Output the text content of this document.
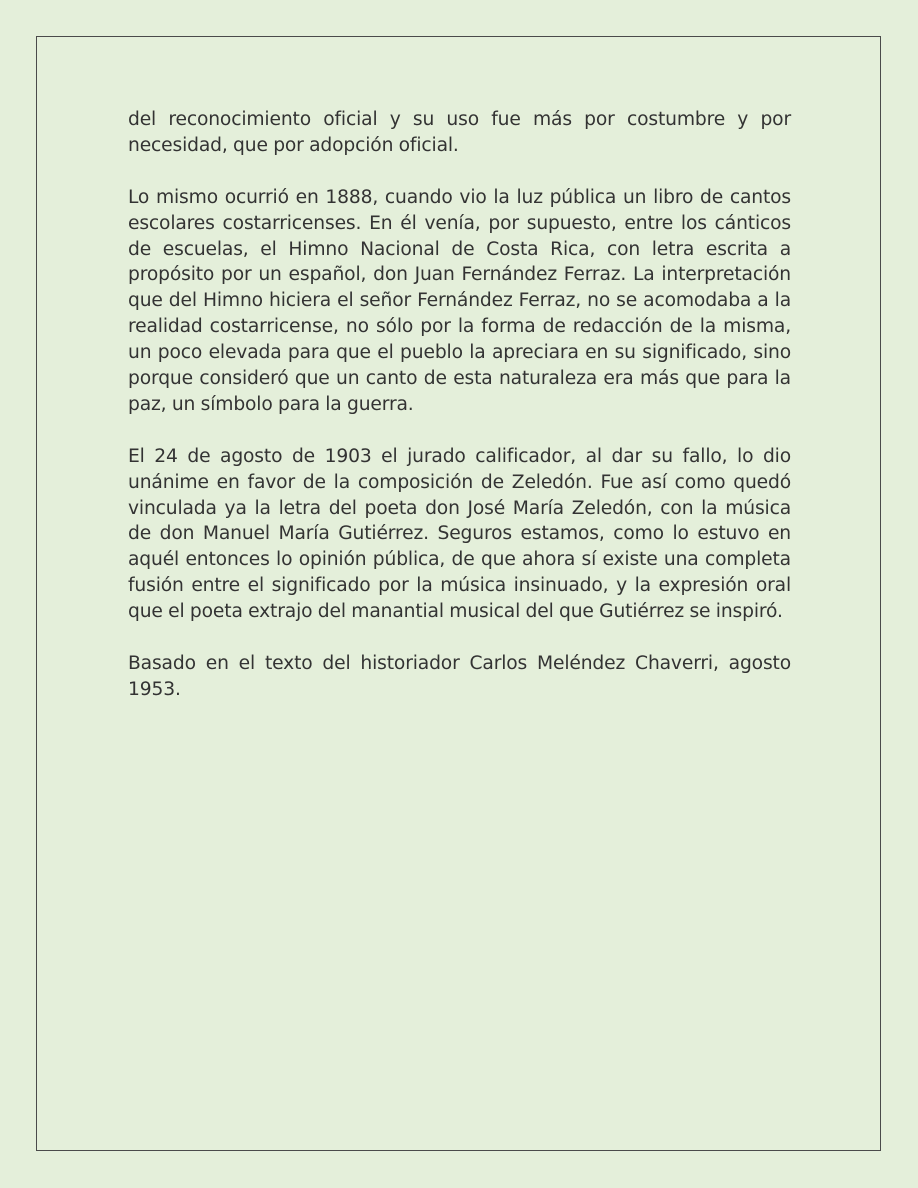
del reconocimiento oficial y su uso fue más por costumbre y por necesidad, que por adopción oficial.

Lo mismo ocurrió en 1888, cuando vio la luz pública un libro de cantos escolares costarricenses. En él venía, por supuesto, entre los cánticos de escuelas, el Himno Nacional de Costa Rica, con letra escrita a propósito por un español, don Juan Fernández Ferraz. La interpretación que del Himno hiciera el señor Fernández Ferraz, no se acomodaba a la realidad costarricense, no sólo por la forma de redacción de la misma, un poco elevada para que el pueblo la apreciara en su significado, sino porque consideró que un canto de esta naturaleza era más que para la paz, un símbolo para la guerra.

El 24 de agosto de 1903 el jurado calificador, al dar su fallo, lo dio unánime en favor de la composición de Zeledón. Fue así como quedó vinculada ya la letra del poeta don José María Zeledón, con la música de don Manuel María Gutiérrez. Seguros estamos, como lo estuvo en aquél entonces lo opinión pública, de que ahora sí existe una completa fusión entre el significado por la música insinuado, y la expresión oral que el poeta extrajo del manantial musical del que Gutiérrez se inspiró.

Basado en el texto del historiador Carlos Meléndez Chaverri, agosto 1953.
